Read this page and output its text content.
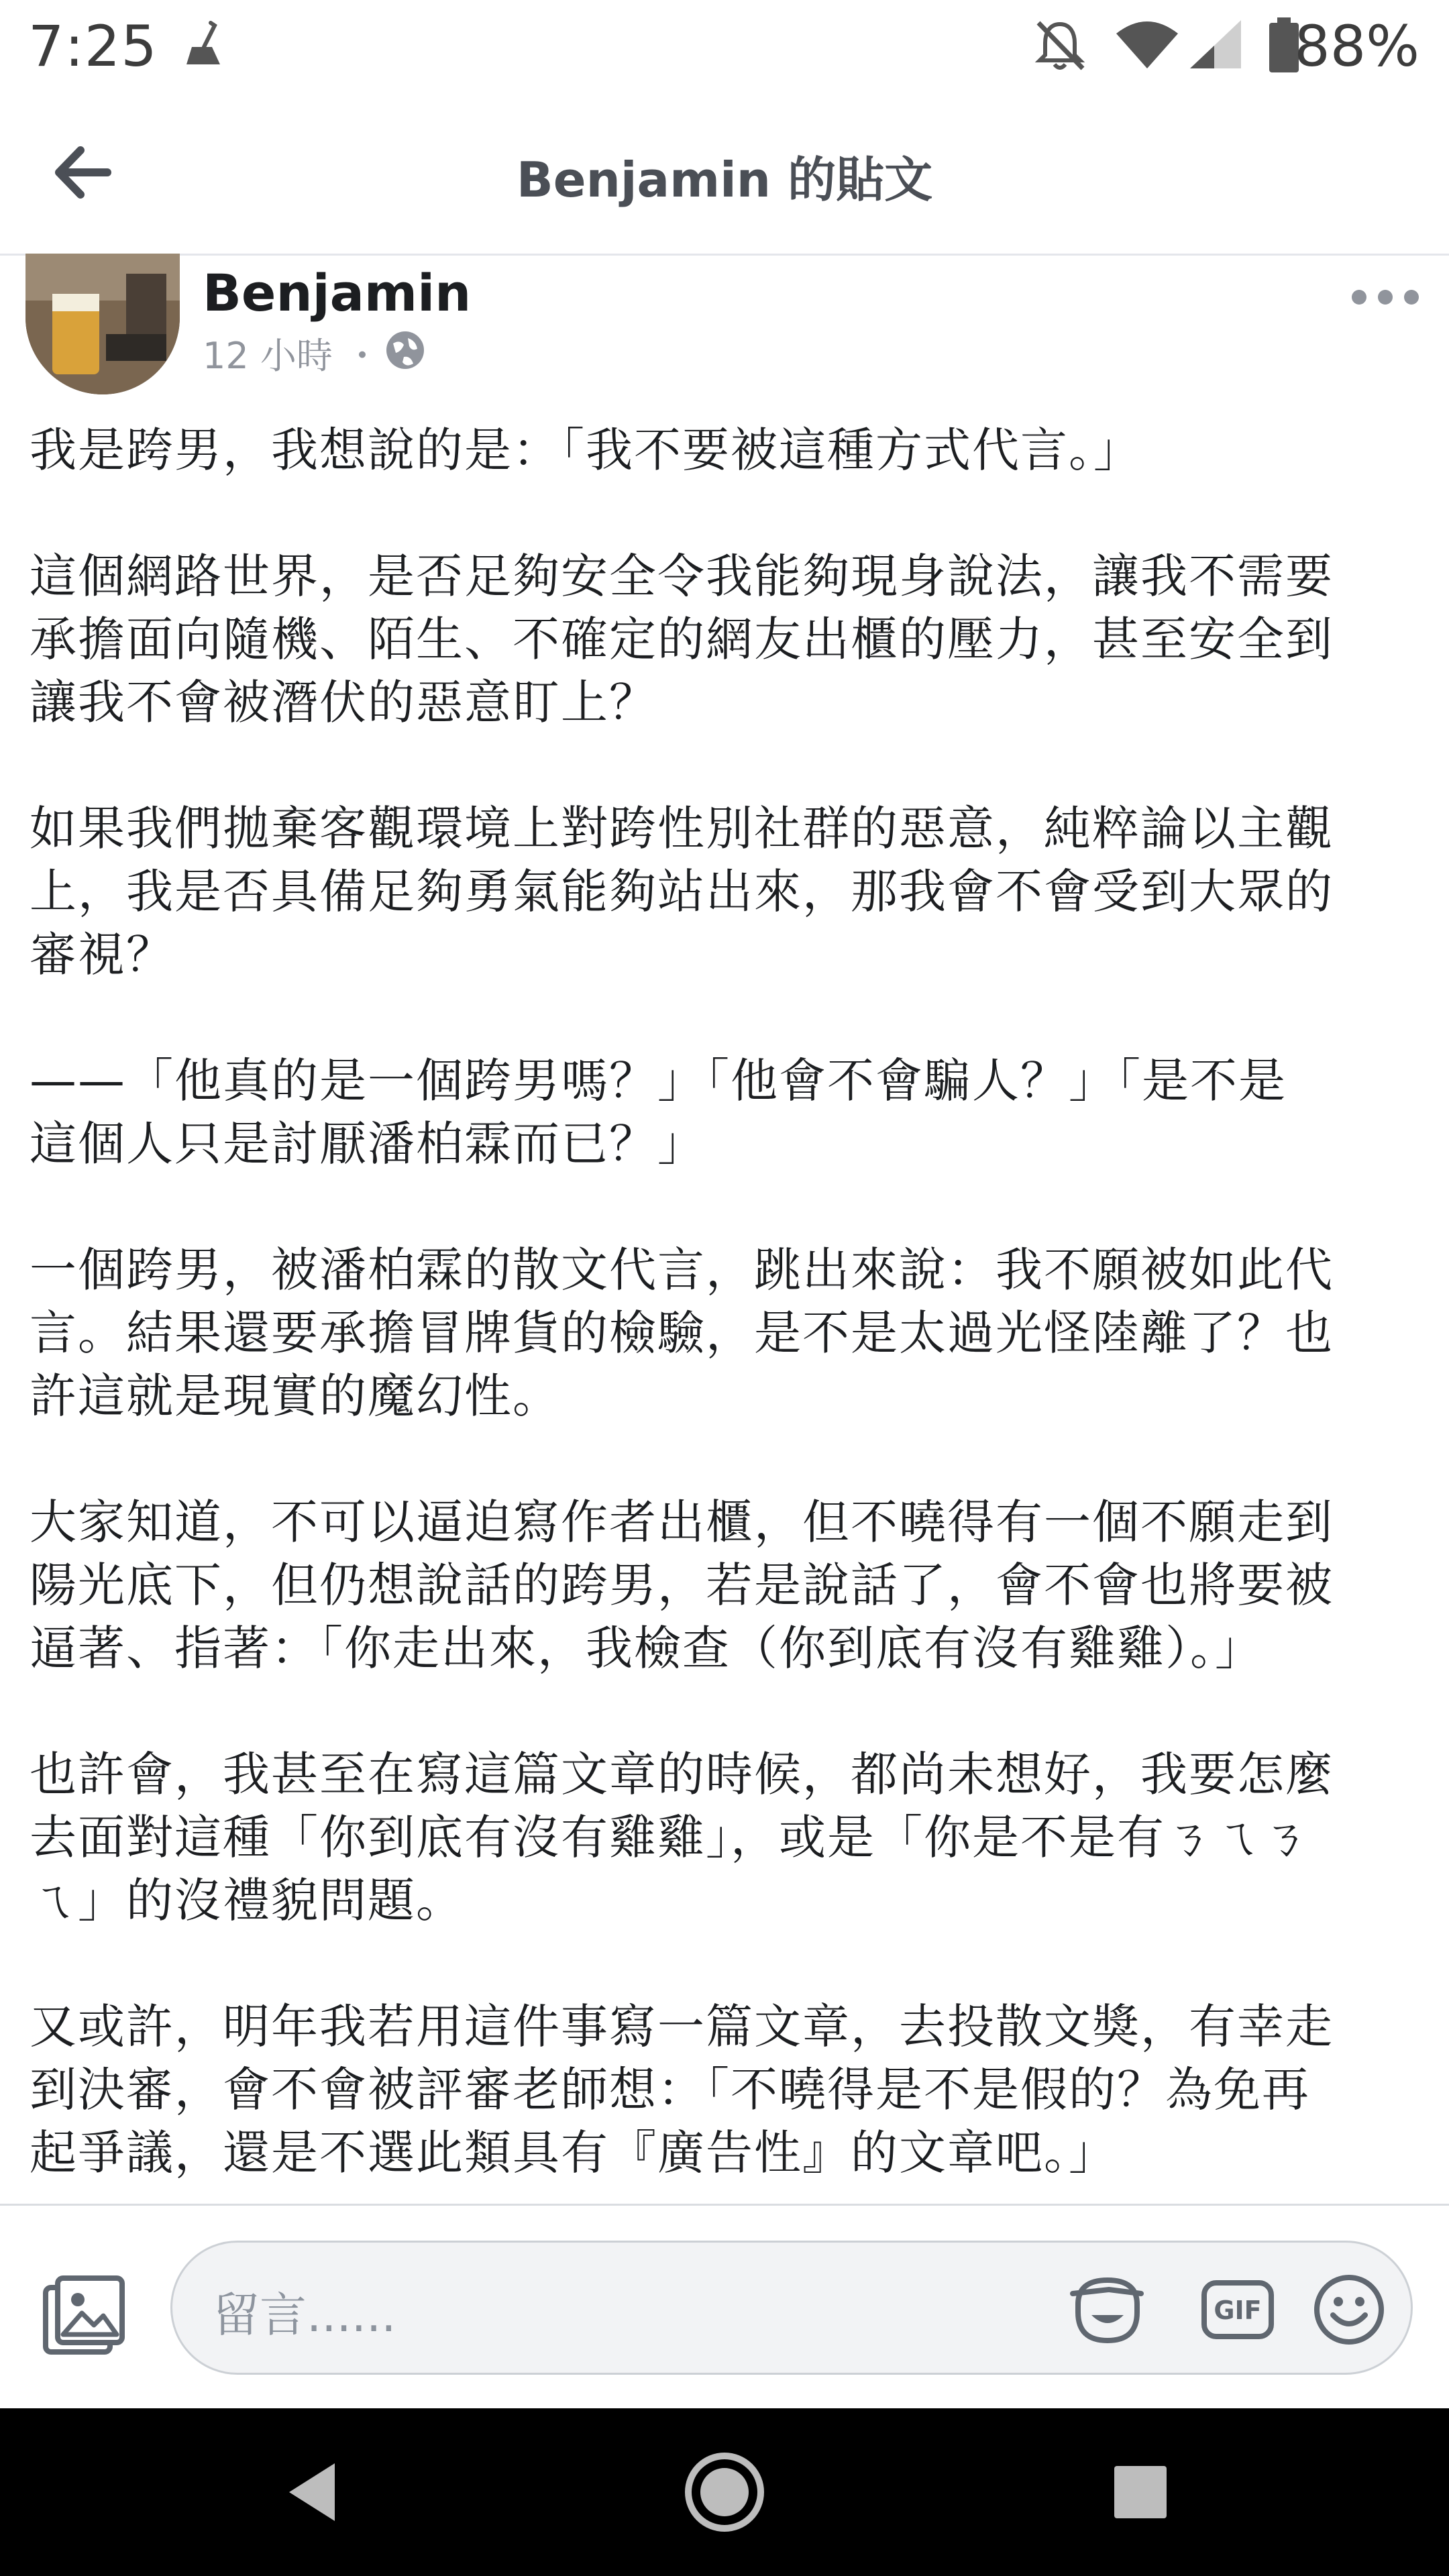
7:25	88%
Benjamin 的貼文
Benjamin
12 小時 ・

我是跨男，我想說的是：「我不要被這種方式代言。」

這個網路世界，是否足夠安全令我能夠現身說法，讓我不需要
承擔面向隨機、陌生、不確定的網友出櫃的壓力，甚至安全到
讓我不會被潛伏的惡意盯上？

如果我們拋棄客觀環境上對跨性別社群的惡意，純粹論以主觀
上，我是否具備足夠勇氣能夠站出來，那我會不會受到大眾的
審視？

——「他真的是一個跨男嗎？」「他會不會騙人？」「是不是
這個人只是討厭潘柏霖而已？」

一個跨男，被潘柏霖的散文代言，跳出來說：我不願被如此代
言。結果還要承擔冒牌貨的檢驗，是不是太過光怪陸離了？也
許這就是現實的魔幻性。

大家知道，不可以逼迫寫作者出櫃，但不曉得有一個不願走到
陽光底下，但仍想說話的跨男，若是說話了，會不會也將要被
逼著、指著：「你走出來，我檢查（你到底有沒有雞雞）。」

也許會，我甚至在寫這篇文章的時候，都尚未想好，我要怎麼
去面對這種「你到底有沒有雞雞」，或是「你是不是有ㄋㄟㄋ
ㄟ」的沒禮貌問題。

又或許，明年我若用這件事寫一篇文章，去投散文獎，有幸走
到決審，會不會被評審老師想：「不曉得是不是假的？為免再
起爭議，還是不選此類具有『廣告性』的文章吧。」

留言......	GIF
